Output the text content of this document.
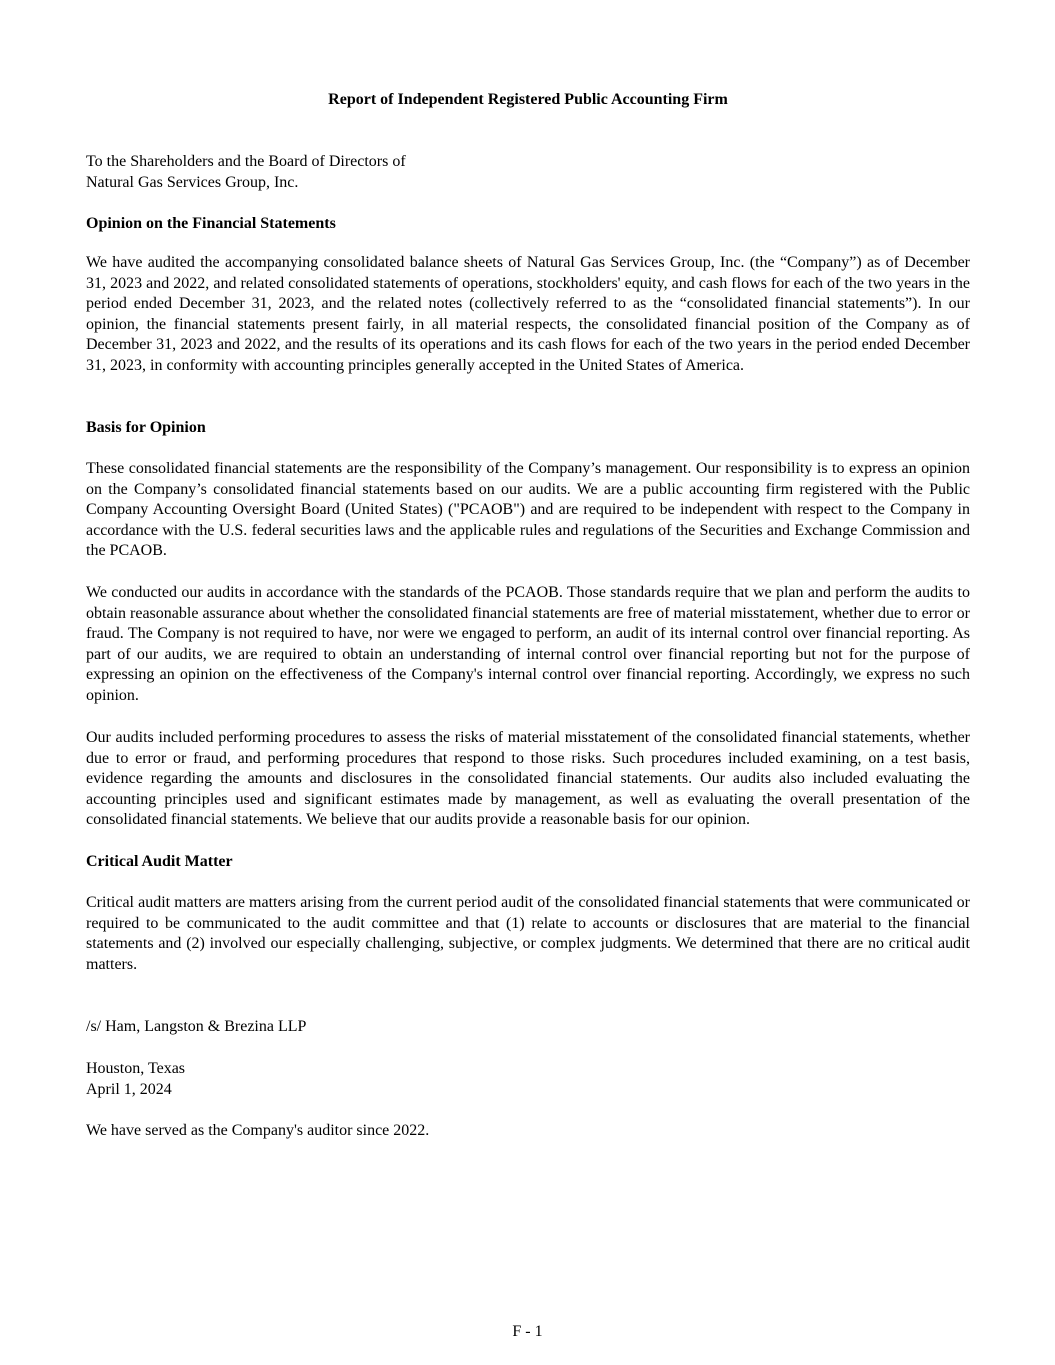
Report of Independent Registered Public Accounting Firm
To the Shareholders and the Board of Directors of
Natural Gas Services Group, Inc.
Opinion on the Financial Statements

We have audited the accompanying consolidated balance sheets of Natural Gas Services Group, Inc. (the “Company”) as of December 31, 2023 and 2022, and related consolidated statements of operations, stockholders' equity, and cash flows for each of the two years in the period ended December 31, 2023, and the related notes (collectively referred to as the “consolidated financial statements”). In our opinion, the financial statements present fairly, in all material respects, the consolidated financial position of the Company as of December 31, 2023 and 2022, and the results of its operations and its cash flows for each of the two years in the period ended December 31, 2023, in conformity with accounting principles generally accepted in the United States of America.

Basis for Opinion

These consolidated financial statements are the responsibility of the Company’s management. Our responsibility is to express an opinion on the Company’s consolidated financial statements based on our audits. We are a public accounting firm registered with the Public Company Accounting Oversight Board (United States) ("PCAOB") and are required to be independent with respect to the Company in accordance with the U.S. federal securities laws and the applicable rules and regulations of the Securities and Exchange Commission and the PCAOB.

We conducted our audits in accordance with the standards of the PCAOB. Those standards require that we plan and perform the audits to obtain reasonable assurance about whether the consolidated financial statements are free of material misstatement, whether due to error or fraud. The Company is not required to have, nor were we engaged to perform, an audit of its internal control over financial reporting. As part of our audits, we are required to obtain an understanding of internal control over financial reporting but not for the purpose of expressing an opinion on the effectiveness of the Company's internal control over financial reporting. Accordingly, we express no such opinion.

Our audits included performing procedures to assess the risks of material misstatement of the consolidated financial statements, whether due to error or fraud, and performing procedures that respond to those risks. Such procedures included examining, on a test basis, evidence regarding the amounts and disclosures in the consolidated financial statements. Our audits also included evaluating the accounting principles used and significant estimates made by management, as well as evaluating the overall presentation of the consolidated financial statements. We believe that our audits provide a reasonable basis for our opinion.

Critical Audit Matter

Critical audit matters are matters arising from the current period audit of the consolidated financial statements that were communicated or required to be communicated to the audit committee and that (1) relate to accounts or disclosures that are material to the financial statements and (2) involved our especially challenging, subjective, or complex judgments. We determined that there are no critical audit matters.

/s/ Ham, Langston & Brezina LLP
Houston, Texas
April 1, 2024
We have served as the Company's auditor since 2022.
F - 1
